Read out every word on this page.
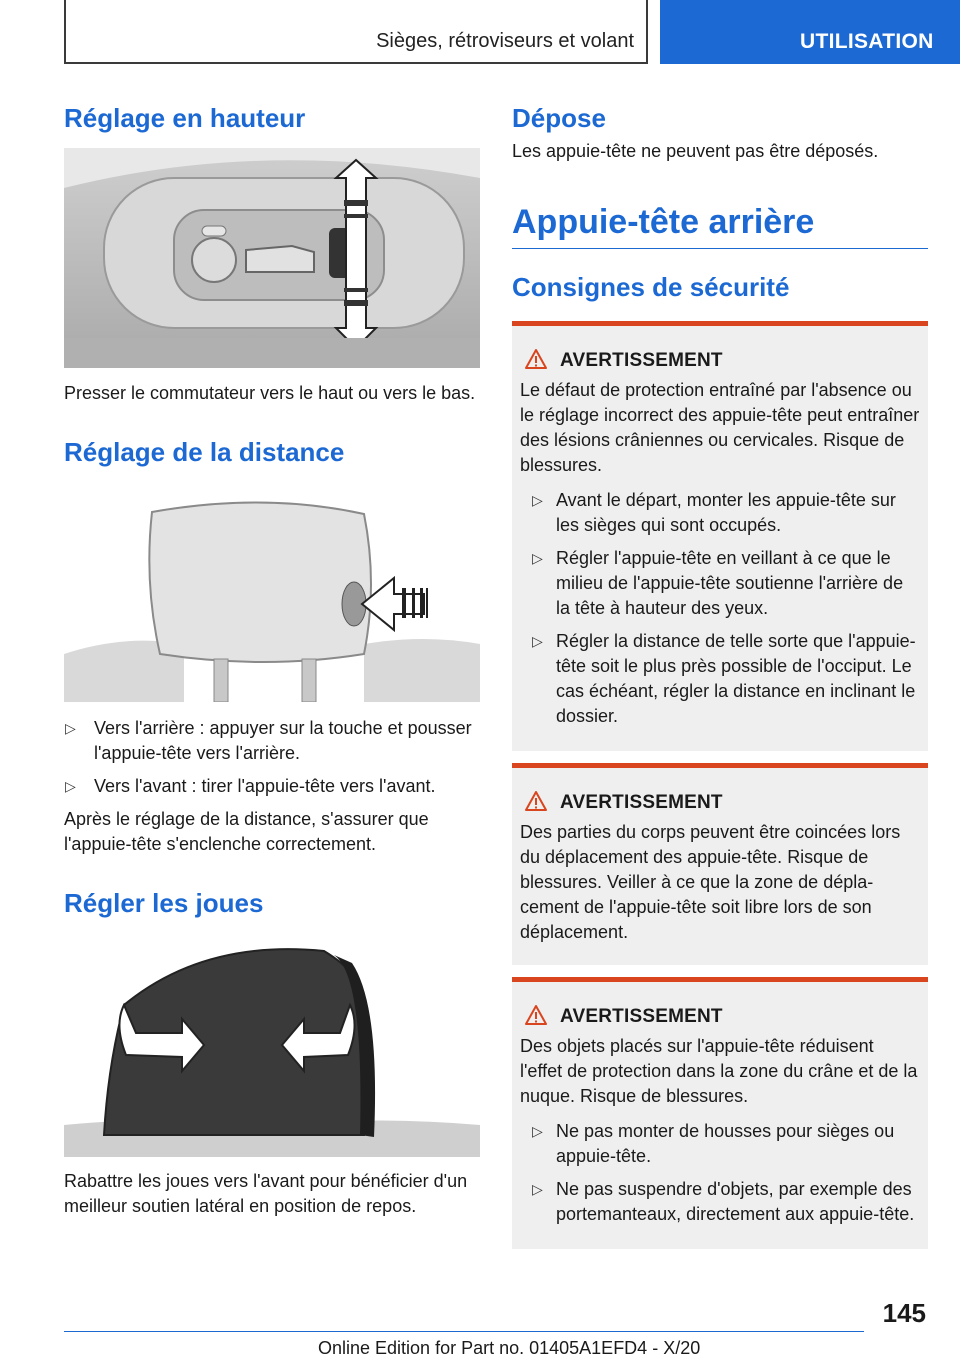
Sièges, rétroviseurs et volant	UTILISATION
Réglage en hauteur

Presser le commutateur vers le haut ou vers le bas.

Réglage de la distance
▷ Vers l'arrière : appuyer sur la touche et pousser l'appuie-tête vers l'arrière.
▷ Vers l'avant : tirer l'appuie-tête vers l'avant.

Après le réglage de la distance, s'assurer que l'appuie-tête s'enclenche correctement.

Régler les joues

Rabattre les joues vers l'avant pour bénéficier d'un meilleur soutien latéral en position de repos.

Dépose

Les appuie-tête ne peuvent pas être déposés.

Appuie-tête arrière
Consignes de sécurité
AVERTISSEMENT

Le défaut de protection entraîné par l'absence ou le réglage incorrect des appuie-tête peut entraîner des lésions crâniennes ou cervicales. Risque de blessures.

▷ Avant le départ, monter les appuie-tête sur les sièges qui sont occupés.
▷ Régler l'appuie-tête en veillant à ce que le milieu de l'appuie-tête soutienne l'arrière de la tête à hauteur des yeux.
▷ Régler la distance de telle sorte que l'appuie-tête soit le plus près possible de l'occiput. Le cas échéant, régler la distance en inclinant le dossier.
AVERTISSEMENT

Des parties du corps peuvent être coincées lors du déplacement des appuie-tête. Risque de blessures. Veiller à ce que la zone de déplacement de l'appuie-tête soit libre lors de son déplacement.

AVERTISSEMENT

Des objets placés sur l'appuie-tête réduisent l'effet de protection dans la zone du crâne et de la nuque. Risque de blessures.

▷ Ne pas monter de housses pour sièges ou appuie-tête.
▷ Ne pas suspendre d'objets, par exemple des portemanteaux, directement aux appuie-tête.
145
Online Edition for Part no. 01405A1EFD4 - X/20
